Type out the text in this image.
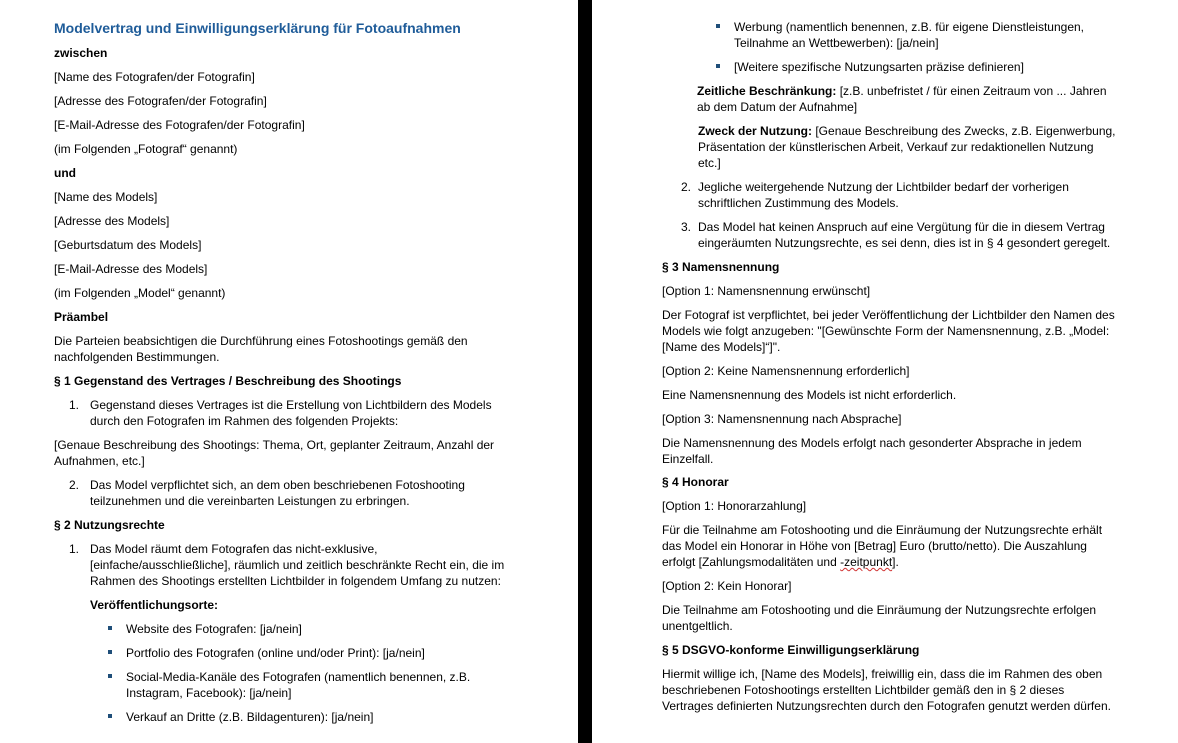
Modelvertrag und Einwilligungserklärung für Fotoaufnahmen
zwischen
[Name des Fotografen/der Fotografin]
[Adresse des Fotografen/der Fotografin]
[E-Mail-Adresse des Fotografen/der Fotografin]
(im Folgenden „Fotograf“ genannt)
und
[Name des Models]
[Adresse des Models]
[Geburtsdatum des Models]
[E-Mail-Adresse des Models]
(im Folgenden „Model“ genannt)
Präambel
Die Parteien beabsichtigen die Durchführung eines Fotoshootings gemäß den
nachfolgenden Bestimmungen.
§ 1 Gegenstand des Vertrages / Beschreibung des Shootings
1. Gegenstand dieses Vertrages ist die Erstellung von Lichtbildern des Models
durch den Fotografen im Rahmen des folgenden Projekts:
[Genaue Beschreibung des Shootings: Thema, Ort, geplanter Zeitraum, Anzahl der
Aufnahmen, etc.]
2. Das Model verpflichtet sich, an dem oben beschriebenen Fotoshooting
teilzunehmen und die vereinbarten Leistungen zu erbringen.
§ 2 Nutzungsrechte
1. Das Model räumt dem Fotografen das nicht-exklusive,
[einfache/ausschließliche], räumlich und zeitlich beschränkte Recht ein, die im
Rahmen des Shootings erstellten Lichtbilder in folgendem Umfang zu nutzen:
Veröffentlichungsorte:
Website des Fotografen: [ja/nein]
Portfolio des Fotografen (online und/oder Print): [ja/nein]
Social-Media-Kanäle des Fotografen (namentlich benennen, z.B.
Instagram, Facebook): [ja/nein]
Verkauf an Dritte (z.B. Bildagenturen): [ja/nein]
Werbung (namentlich benennen, z.B. für eigene Dienstleistungen,
Teilnahme an Wettbewerben): [ja/nein]
[Weitere spezifische Nutzungsarten präzise definieren]
Zeitliche Beschränkung: [z.B. unbefristet / für einen Zeitraum von ... Jahren
ab dem Datum der Aufnahme]
Zweck der Nutzung: [Genaue Beschreibung des Zwecks, z.B. Eigenwerbung,
Präsentation der künstlerischen Arbeit, Verkauf zur redaktionellen Nutzung
etc.]
2. Jegliche weitergehende Nutzung der Lichtbilder bedarf der vorherigen
schriftlichen Zustimmung des Models.
3. Das Model hat keinen Anspruch auf eine Vergütung für die in diesem Vertrag
eingeräumten Nutzungsrechte, es sei denn, dies ist in § 4 gesondert geregelt.
§ 3 Namensnennung
[Option 1: Namensnennung erwünscht]
Der Fotograf ist verpflichtet, bei jeder Veröffentlichung der Lichtbilder den Namen des
Models wie folgt anzugeben: "[Gewünschte Form der Namensnennung, z.B. „Model:
[Name des Models]“]".
[Option 2: Keine Namensnennung erforderlich]
Eine Namensnennung des Models ist nicht erforderlich.
[Option 3: Namensnennung nach Absprache]
Die Namensnennung des Models erfolgt nach gesonderter Absprache in jedem
Einzelfall.
§ 4 Honorar
[Option 1: Honorarzahlung]
Für die Teilnahme am Fotoshooting und die Einräumung der Nutzungsrechte erhält
das Model ein Honorar in Höhe von [Betrag] Euro (brutto/netto). Die Auszahlung
erfolgt [Zahlungsmodalitäten und -zeitpunkt].
[Option 2: Kein Honorar]
Die Teilnahme am Fotoshooting und die Einräumung der Nutzungsrechte erfolgen
unentgeltlich.
§ 5 DSGVO-konforme Einwilligungserklärung
Hiermit willige ich, [Name des Models], freiwillig ein, dass die im Rahmen des oben
beschriebenen Fotoshootings erstellten Lichtbilder gemäß den in § 2 dieses
Vertrages definierten Nutzungsrechten durch den Fotografen genutzt werden dürfen.
